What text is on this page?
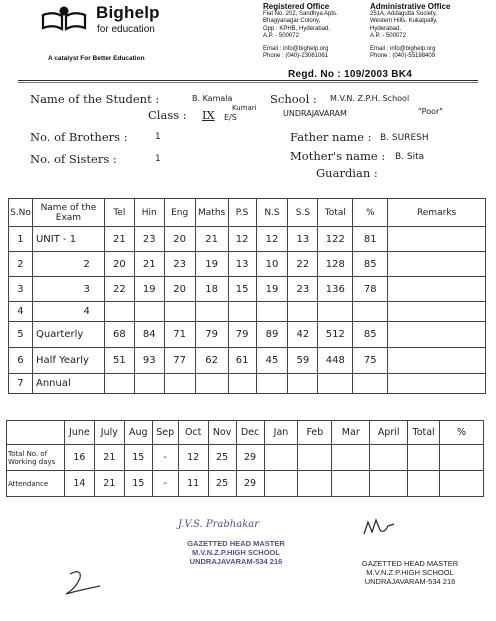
Bighelp
for education
A catalyst For Better Education
Registered Office
Flat No. 202, Sandhya Apts.
Bhagyanagar Colony,
Opp : KPHB, Hyderabad.
A.P. - 500072
Email : info@bighelp.org
Phone : (040)-23061061
Administrative Office
251A, Addagutta Society,
Western Hills, Kukatpally,
Hyderabad.
A.P. - 500072
Email : info@bighelp.org
Phone : (040)-55198409
Regd. No : 109/2003 BK4
Name of the Student :	B. Kamala
Kumari
School : M.V.N. Z.P.H. School
UNDRAJAVARAM	"Poor"
Class : IX E/S
No. of Brothers :	1
No. of Sisters :	1
Father name : B. SURESH
Mother's name : B. Sita
Guardian :
S.No	Name of the Exam	Tel	Hin	Eng	Maths	P.S	N.S	S.S	Total	%	Remarks
1	UNIT - 1	21	23	20	21	12	12	13	122	81	
2	2	20	21	23	19	13	10	22	128	85	
3	3	22	19	20	18	15	19	23	136	78	
4	4										
5	Quarterly	68	84	71	79	79	89	42	512	85	
6	Half Yearly	51	93	77	62	61	45	59	448	75	
7	Annual										
	June	July	Aug	Sep	Oct	Nov	Dec	Jan	Feb	Mar	April	Total	%
Total No. of Working days	16	21	15	-	12	25	29						
Attendance	14	21	15	-	11	25	29						
J.V.S. Prabhakar
GAZETTED HEAD MASTER
M.V.N.Z.P.HIGH SCHOOL
UNDRAJAVARAM-534 216	GAZETTED HEAD MASTER
M.V.N.Z.P.HIGH SCHOOL
UNDRAJAVARAM-534 216
